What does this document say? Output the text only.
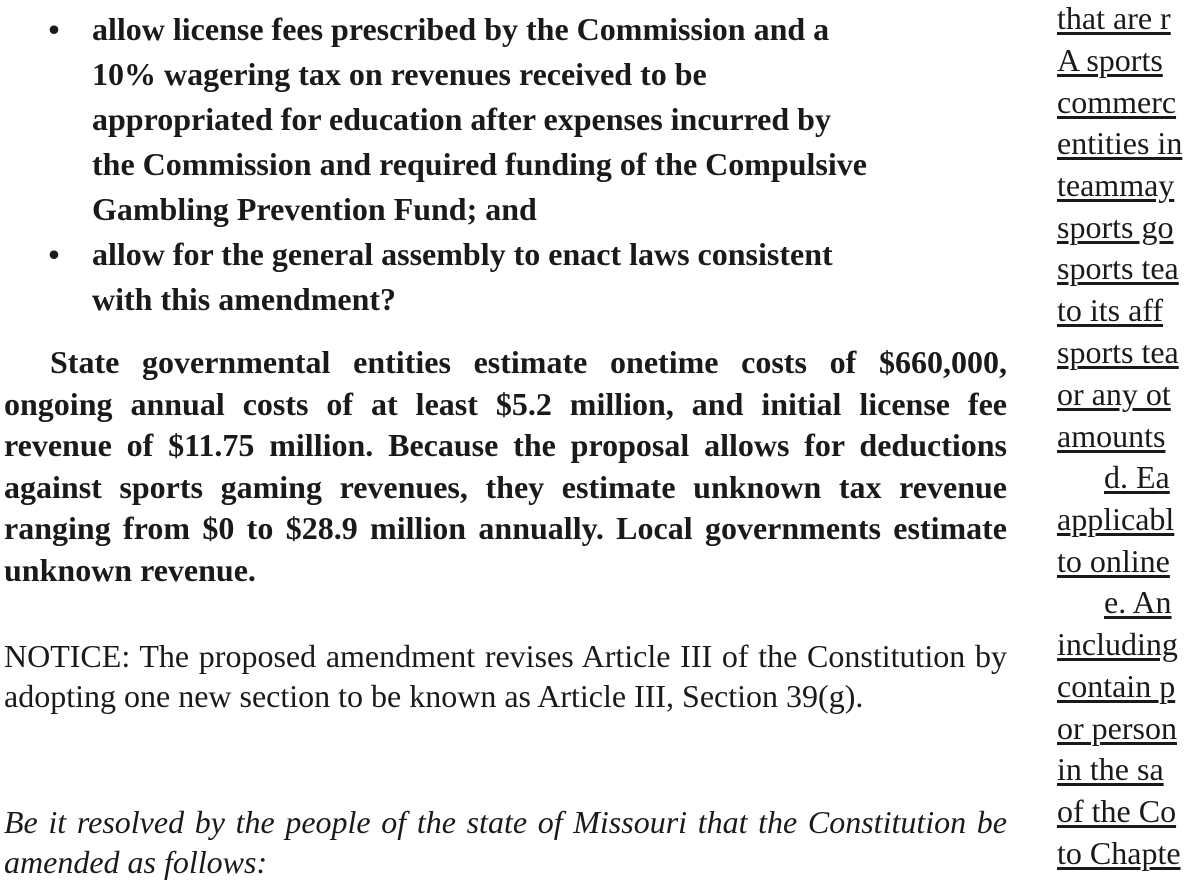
• allow license fees prescribed by the Commission and a
10% wagering tax on revenues received to be
appropriated for education after expenses incurred by
the Commission and required funding of the Compulsive
Gambling Prevention Fund; and
• allow for the general assembly to enact laws consistent
with this amendment?

State governmental entities estimate onetime costs of $660,000, ongoing annual costs of at least $5.2 million, and initial license fee revenue of $11.75 million. Because the proposal allows for deductions against sports gaming revenues, they estimate unknown tax revenue ranging from $0 to $28.9 million annually. Local governments estimate unknown revenue.

NOTICE: The proposed amendment revises Article III of the Constitution by adopting one new section to be known as Article III, Section 39(g).

Be it resolved by the people of the state of Missouri that the Constitution be amended as follows:

that are r
A sports
commerc
entities in
teammay
sports go
sports tea
to its aff
sports tea
or any ot
amounts
d. Ea
applicabl
to online
e. An
including
contain p
or person
in the sa
of the Co
to Chapte
